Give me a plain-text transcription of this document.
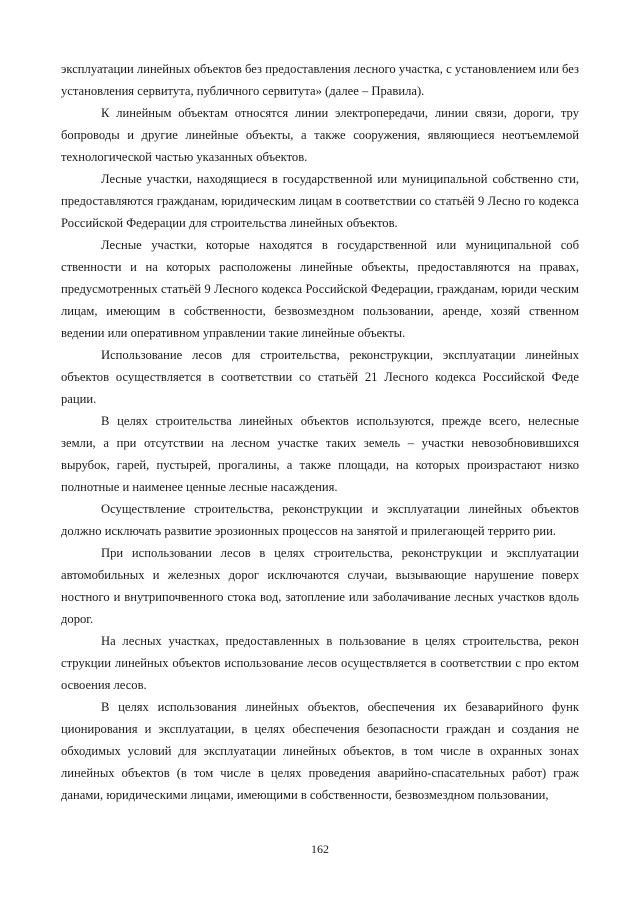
эксплуатации линейных объектов без предоставления лесного участка, с установлением или без установления сервитута, публичного сервитута» (далее – Правила).

К линейным объектам относятся линии электропередачи, линии связи, дороги, тру бопроводы и другие линейные объекты, а также сооружения, являющиеся неотъемлемой технологической частью указанных объектов.

Лесные участки, находящиеся в государственной или муниципальной собственно сти, предоставляются гражданам, юридическим лицам в соответствии со статьёй 9 Лесно го кодекса Российской Федерации для строительства линейных объектов.

Лесные участки, которые находятся в государственной или муниципальной соб ственности и на которых расположены линейные объекты, предоставляются на правах, предусмотренных статьёй 9 Лесного кодекса Российской Федерации, гражданам, юриди ческим лицам, имеющим в собственности, безвозмездном пользовании, аренде, хозяй ственном ведении или оперативном управлении такие линейные объекты.

Использование лесов для строительства, реконструкции, эксплуатации линейных объектов осуществляется в соответствии со статьёй 21 Лесного кодекса Российской Феде рации.

В целях строительства линейных объектов используются, прежде всего, нелесные земли, а при отсутствии на лесном участке таких земель – участки невозобновившихся вырубок, гарей, пустырей, прогалины, а также площади, на которых произрастают низко полнотные и наименее ценные лесные насаждения.

Осуществление строительства, реконструкции и эксплуатации линейных объектов должно исключать развитие эрозионных процессов на занятой и прилегающей террито рии.

При использовании лесов в целях строительства, реконструкции и эксплуатации автомобильных и железных дорог исключаются случаи, вызывающие нарушение поверх ностного и внутрипочвенного стока вод, затопление или заболачивание лесных участков вдоль дорог.

На лесных участках, предоставленных в пользование в целях строительства, рекон струкции линейных объектов использование лесов осуществляется в соответствии с про ектом освоения лесов.

В целях использования линейных объектов, обеспечения их безаварийного функ ционирования и эксплуатации, в целях обеспечения безопасности граждан и создания не обходимых условий для эксплуатации линейных объектов, в том числе в охранных зонах линейных объектов (в том числе в целях проведения аварийно-спасательных работ) граж данами, юридическими лицами, имеющими в собственности, безвозмездном пользовании,

162
